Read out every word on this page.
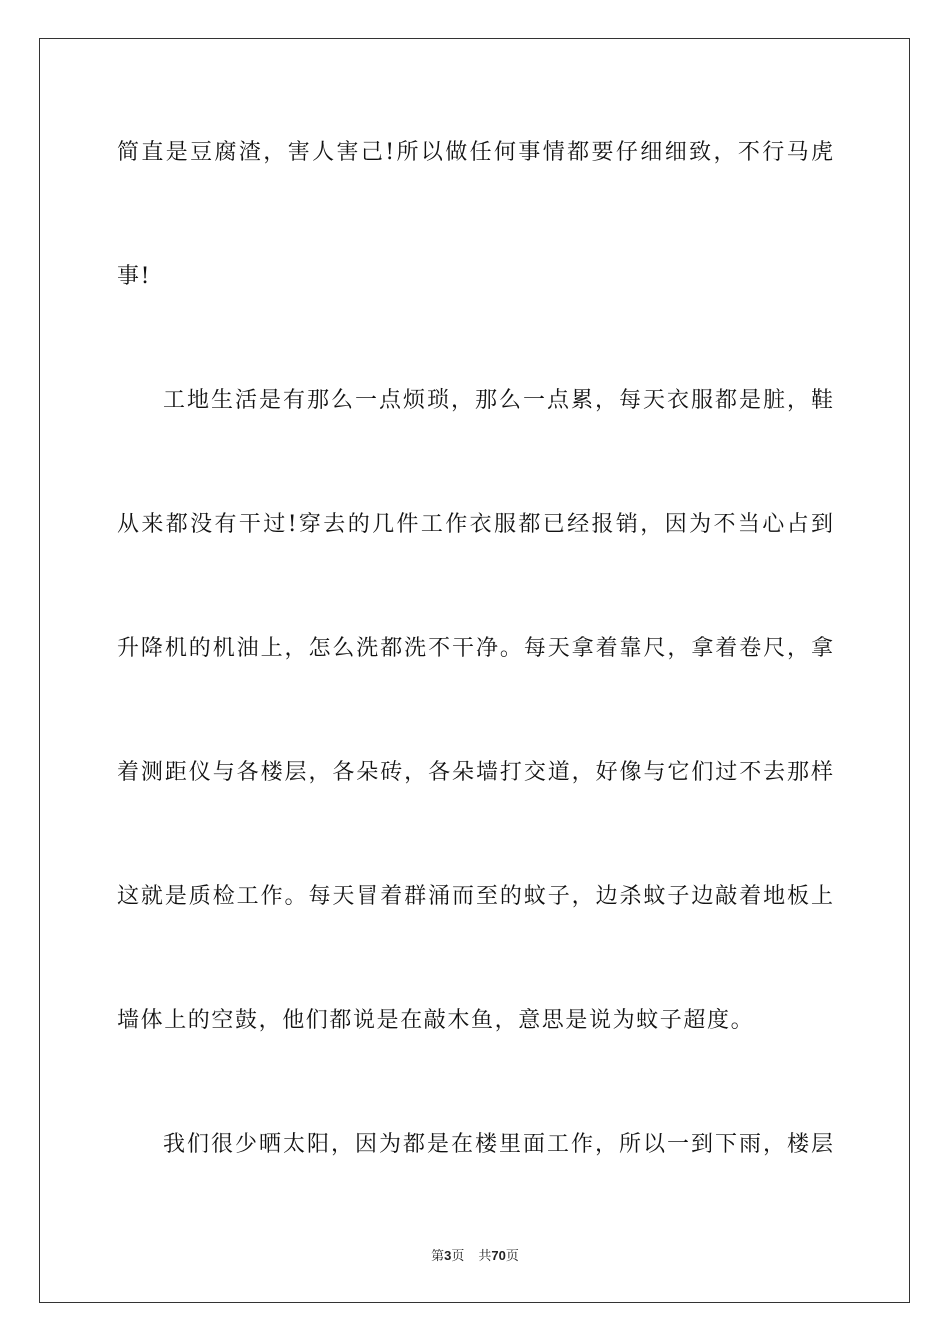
简直是豆腐渣，害人害己!所以做任何事情都要仔细细致，不行马虎
事!
工地生活是有那么一点烦琐，那么一点累，每天衣服都是脏，鞋
从来都没有干过!穿去的几件工作衣服都已经报销，因为不当心占到
升降机的机油上，怎么洗都洗不干净。每天拿着靠尺，拿着卷尺，拿
着测距仪与各楼层，各朵砖，各朵墙打交道，好像与它们过不去那样
这就是质检工作。每天冒着群涌而至的蚊子，边杀蚊子边敲着地板上
墙体上的空鼓，他们都说是在敲木鱼，意思是说为蚊子超度。
我们很少晒太阳，因为都是在楼里面工作，所以一到下雨，楼层
第3页 共70页
